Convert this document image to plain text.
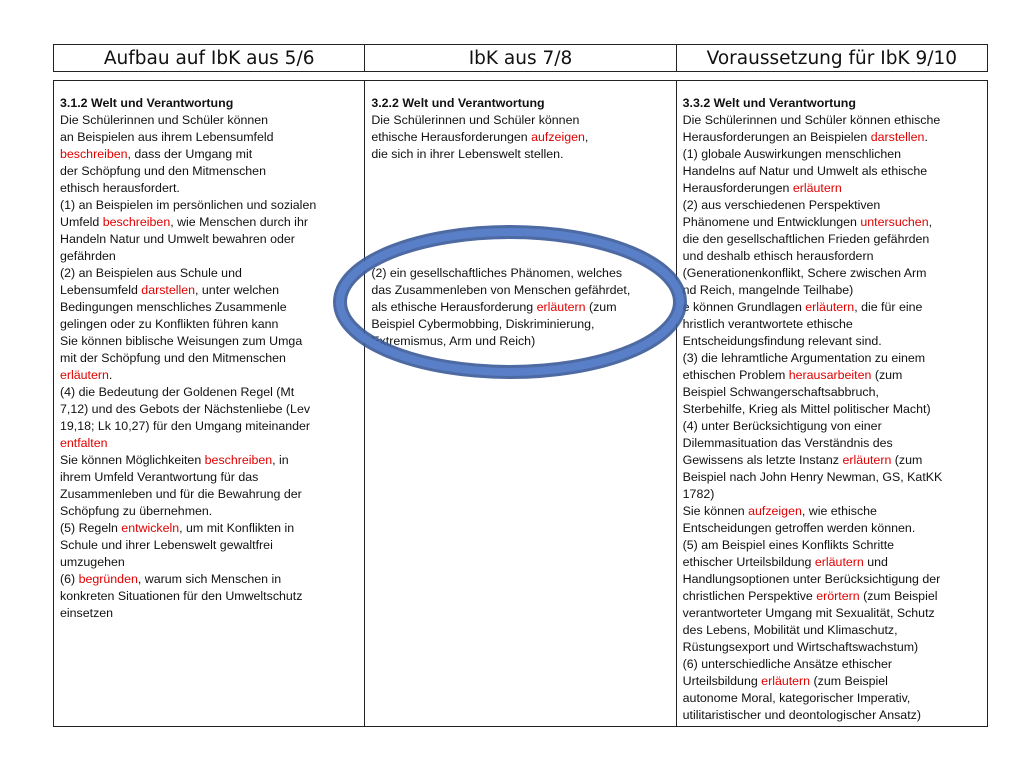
Aufbau auf IbK aus 5/6	IbK aus 7/8	Voraussetzung für IbK 9/10
3.1.2 Welt und Verantwortung
Die Schülerinnen und Schüler können
an Beispielen aus ihrem Lebensumfeld
beschreiben, dass der Umgang mit
der Schöpfung und den Mitmenschen
ethisch herausfordert.
(1) an Beispielen im persönlichen und sozialen
Umfeld beschreiben, wie Menschen durch ihr
Handeln Natur und Umwelt bewahren oder
gefährden
(2) an Beispielen aus Schule und
Lebensumfeld darstellen, unter welchen
Bedingungen menschliches Zusammenle
gelingen oder zu Konflikten führen kann
Sie können biblische Weisungen zum Umga
mit der Schöpfung und den Mitmenschen
erläutern.
(4) die Bedeutung der Goldenen Regel (Mt
7,12) und des Gebots der Nächstenliebe (Lev
19,18; Lk 10,27) für den Umgang miteinander
entfalten
Sie können Möglichkeiten beschreiben, in
ihrem Umfeld Verantwortung für das
Zusammenleben und für die Bewahrung der
Schöpfung zu übernehmen.
(5) Regeln entwickeln, um mit Konflikten in
Schule und ihrer Lebenswelt gewaltfrei
umzugehen
(6) begründen, warum sich Menschen in
konkreten Situationen für den Umweltschutz
einsetzen
3.2.2 Welt und Verantwortung
Die Schülerinnen und Schüler können
ethische Herausforderungen aufzeigen,
die sich in ihrer Lebenswelt stellen.
(2) ein gesellschaftliches Phänomen, welches
das Zusammenleben von Menschen gefährdet,
als ethische Herausforderung erläutern (zum
Beispiel Cybermobbing, Diskriminierung,
Extremismus, Arm und Reich)
3.3.2 Welt und Verantwortung
Die Schülerinnen und Schüler können ethische
Herausforderungen an Beispielen darstellen.
(1) globale Auswirkungen menschlichen
Handelns auf Natur und Umwelt als ethische
Herausforderungen erläutern
(2) aus verschiedenen Perspektiven
Phänomene und Entwicklungen untersuchen,
die den gesellschaftlichen Frieden gefährden
und deshalb ethisch herausfordern
(Generationenkonflikt, Schere zwischen Arm
nd Reich, mangelnde Teilhabe)
e können Grundlagen erläutern, die für eine
hristlich verantwortete ethische
Entscheidungsfindung relevant sind.
(3) die lehramtliche Argumentation zu einem
ethischen Problem herausarbeiten (zum
Beispiel Schwangerschaftsabbruch,
Sterbehilfe, Krieg als Mittel politischer Macht)
(4) unter Berücksichtigung von einer
Dilemmasituation das Verständnis des
Gewissens als letzte Instanz erläutern (zum
Beispiel nach John Henry Newman, GS, KatKK
1782)
Sie können aufzeigen, wie ethische
Entscheidungen getroffen werden können.
(5) am Beispiel eines Konflikts Schritte
ethischer Urteilsbildung erläutern und
Handlungsoptionen unter Berücksichtigung der
christlichen Perspektive erörtern (zum Beispiel
verantworteter Umgang mit Sexualität, Schutz
des Lebens, Mobilität und Klimaschutz,
Rüstungsexport und Wirtschaftswachstum)
(6) unterschiedliche Ansätze ethischer
Urteilsbildung erläutern (zum Beispiel
autonome Moral, kategorischer Imperativ,
utilitaristischer und deontologischer Ansatz)
